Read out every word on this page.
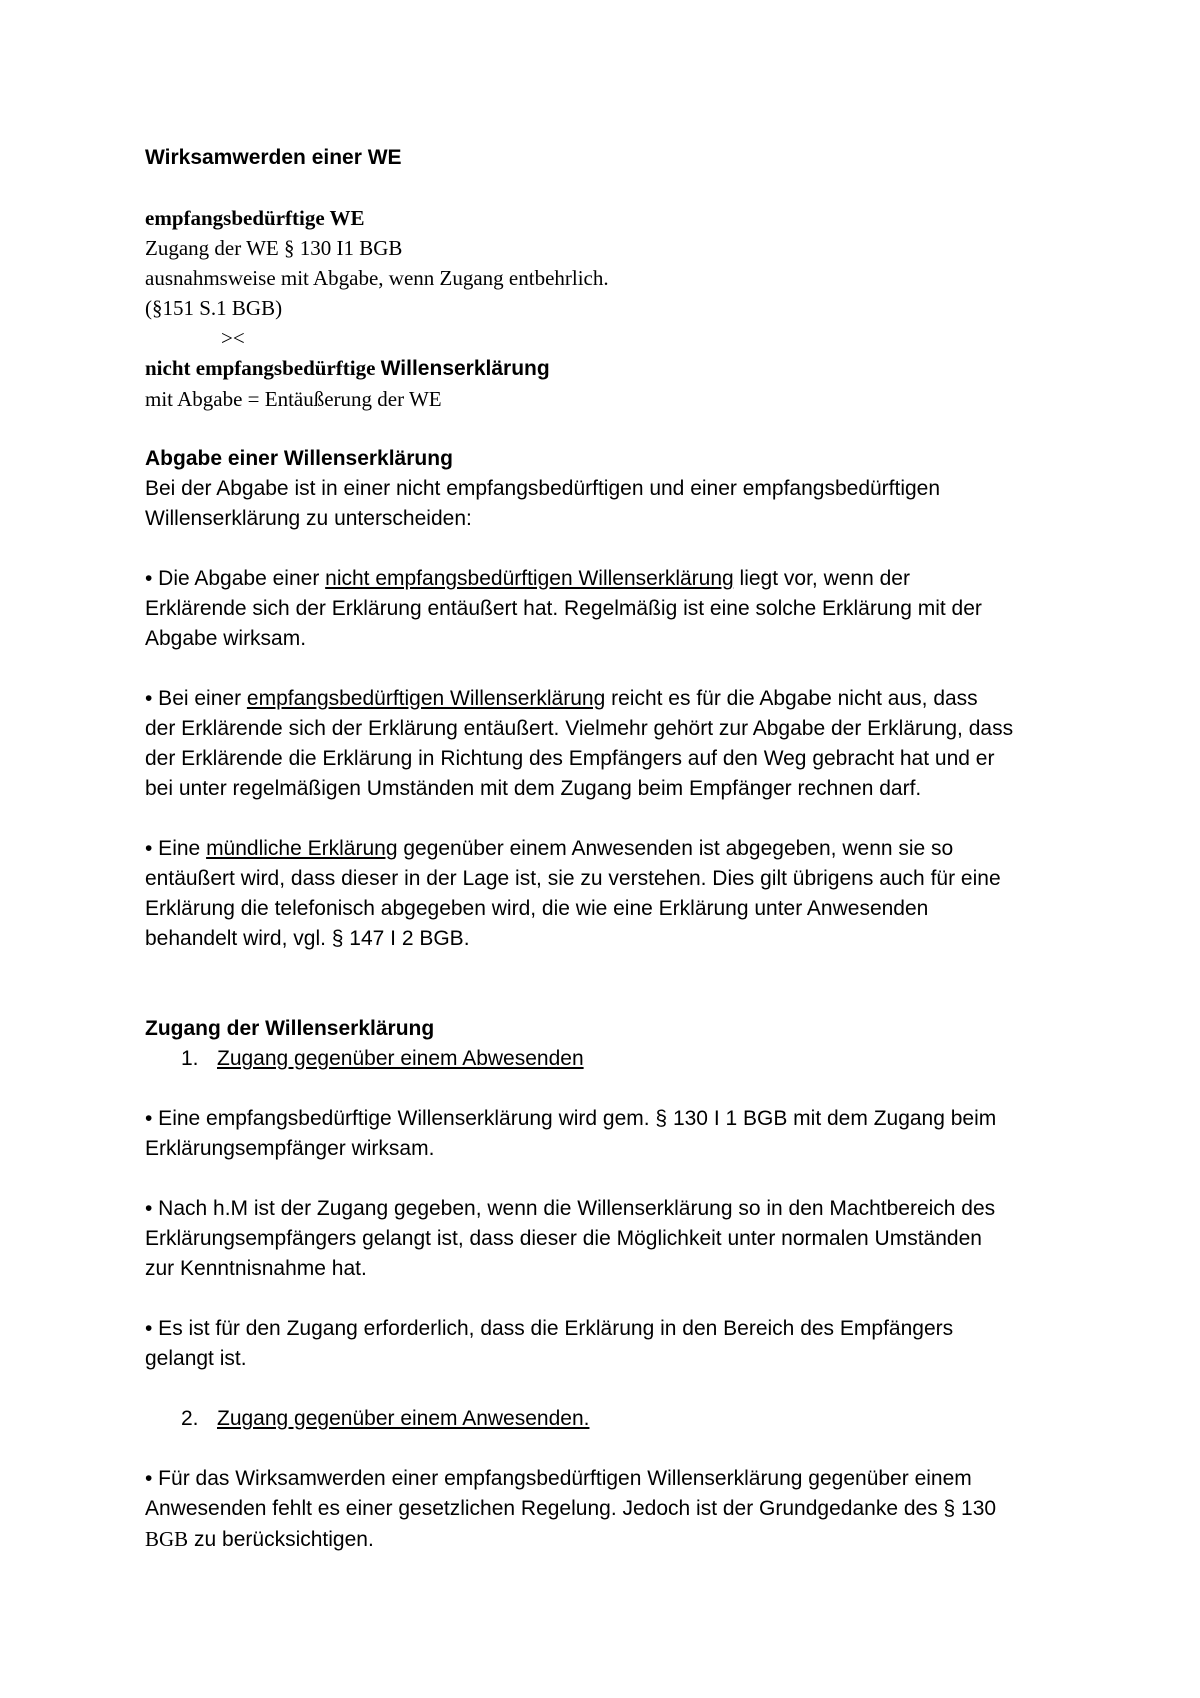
Wirksamwerden einer WE
empfangsbedürftige WE
Zugang der WE § 130 I1 BGB
ausnahmsweise mit Abgabe, wenn Zugang entbehrlich.
(§151 S.1 BGB)
><
nicht empfangsbedürftige Willenserklärung
mit Abgabe = Entäußerung der WE
Abgabe einer Willenserklärung
Bei der Abgabe ist in einer nicht empfangsbedürftigen und einer empfangsbedürftigen
Willenserklärung zu unterscheiden:
• Die Abgabe einer nicht empfangsbedürftigen Willenserklärung liegt vor, wenn der
Erklärende sich der Erklärung entäußert hat. Regelmäßig ist eine solche Erklärung mit der
Abgabe wirksam.
• Bei einer empfangsbedürftigen Willenserklärung reicht es für die Abgabe nicht aus, dass
der Erklärende sich der Erklärung entäußert. Vielmehr gehört zur Abgabe der Erklärung, dass
der Erklärende die Erklärung in Richtung des Empfängers auf den Weg gebracht hat und er
bei unter regelmäßigen Umständen mit dem Zugang beim Empfänger rechnen darf.
• Eine mündliche Erklärung gegenüber einem Anwesenden ist abgegeben, wenn sie so
entäußert wird, dass dieser in der Lage ist, sie zu verstehen. Dies gilt übrigens auch für eine
Erklärung die telefonisch abgegeben wird, die wie eine Erklärung unter Anwesenden
behandelt wird, vgl. § 147 I 2 BGB.
Zugang der Willenserklärung
1. Zugang gegenüber einem Abwesenden
• Eine empfangsbedürftige Willenserklärung wird gem. § 130 I 1 BGB mit dem Zugang beim
Erklärungsempfänger wirksam.
• Nach h.M ist der Zugang gegeben, wenn die Willenserklärung so in den Machtbereich des
Erklärungsempfängers gelangt ist, dass dieser die Möglichkeit unter normalen Umständen
zur Kenntnisnahme hat.
• Es ist für den Zugang erforderlich, dass die Erklärung in den Bereich des Empfängers
gelangt ist.
2. Zugang gegenüber einem Anwesenden.
• Für das Wirksamwerden einer empfangsbedürftigen Willenserklärung gegenüber einem
Anwesenden fehlt es einer gesetzlichen Regelung. Jedoch ist der Grundgedanke des § 130
BGB zu berücksichtigen.
